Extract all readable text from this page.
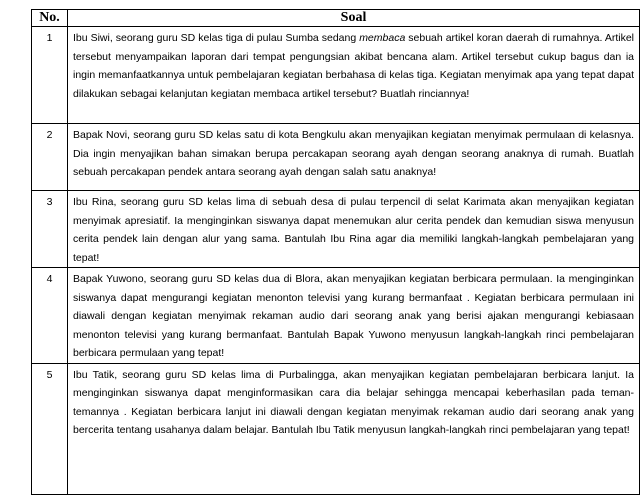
No.	Soal
1	Ibu Siwi, seorang guru SD kelas tiga di pulau Sumba sedang membaca sebuah artikel koran daerah di rumahnya. Artikel tersebut menyampaikan laporan dari tempat pengungsian akibat bencana alam. Artikel tersebut cukup bagus dan ia ingin memanfaatkannya untuk pembelajaran kegiatan berbahasa di kelas tiga. Kegiatan menyimak apa yang tepat dapat dilakukan sebagai kelanjutan kegiatan membaca artikel tersebut? Buatlah rinciannya!
2	Bapak Novi, seorang guru SD kelas satu di kota Bengkulu akan menyajikan kegiatan menyimak permulaan di kelasnya. Dia ingin menyajikan bahan simakan berupa percakapan seorang ayah dengan seorang anaknya di rumah. Buatlah sebuah percakapan pendek antara seorang ayah dengan salah satu anaknya!
3	Ibu Rina, seorang guru SD kelas lima di sebuah desa di pulau terpencil di selat Karimata akan menyajikan kegiatan menyimak apresiatif. Ia menginginkan siswanya dapat menemukan alur cerita pendek dan kemudian siswa menyusun cerita pendek lain dengan alur yang sama. Bantulah Ibu Rina agar dia memiliki langkah-langkah pembelajaran yang tepat!
4	Bapak Yuwono, seorang guru SD kelas dua di Blora, akan menyajikan kegiatan berbicara permulaan. Ia menginginkan siswanya dapat mengurangi kegiatan menonton televisi yang kurang bermanfaat . Kegiatan berbicara permulaan ini diawali dengan kegiatan menyimak rekaman audio dari seorang anak yang berisi ajakan mengurangi kebiasaan menonton televisi yang kurang bermanfaat. Bantulah Bapak Yuwono menyusun langkah-langkah rinci pembelajaran berbicara permulaan yang tepat!
5	Ibu Tatik, seorang guru SD kelas lima di Purbalingga, akan menyajikan kegiatan pembelajaran berbicara lanjut. Ia menginginkan siswanya dapat menginformasikan cara dia belajar sehingga mencapai keberhasilan pada teman-temannya . Kegiatan berbicara lanjut ini diawali dengan kegiatan menyimak rekaman audio dari seorang anak yang bercerita tentang usahanya dalam belajar. Bantulah Ibu Tatik menyusun langkah-langkah rinci pembelajaran yang tepat!
